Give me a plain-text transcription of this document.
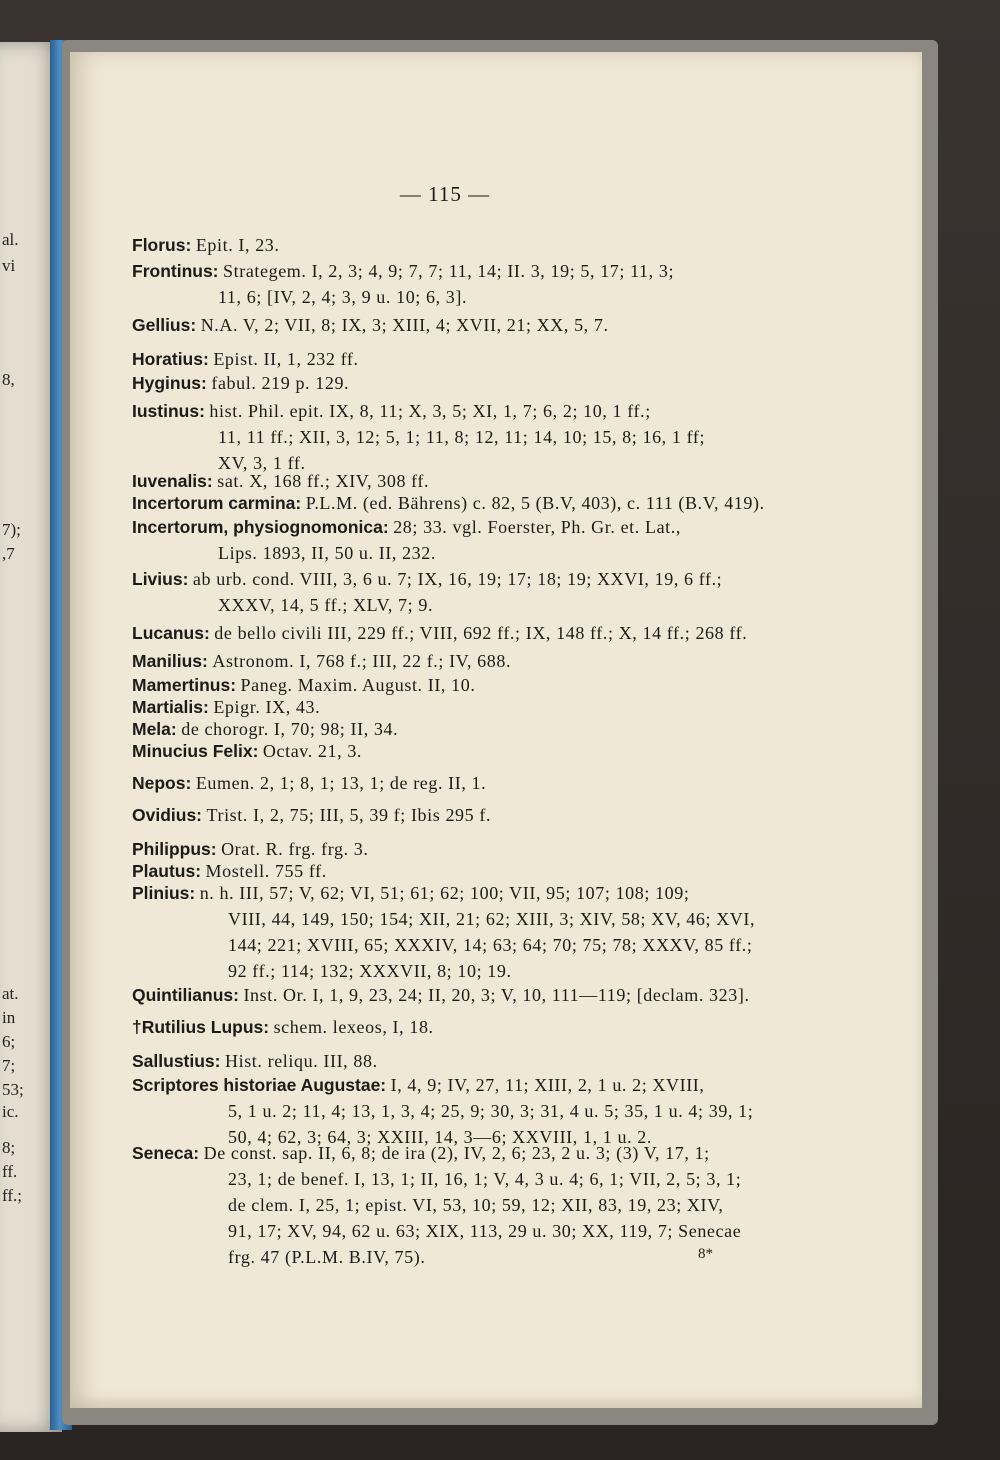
al.
vi
8,
7);
,7
at.
in
6;
7;
53;
ic.
8;
ff.
ff.;
— 115 —
Florus: Epit. I, 23.
Frontinus: Strategem. I, 2, 3; 4, 9; 7, 7; 11, 14; II. 3, 19; 5, 17; 11, 3;
11, 6; [IV, 2, 4; 3, 9 u. 10; 6, 3].
Gellius: N.A. V, 2; VII, 8; IX, 3; XIII, 4; XVII, 21; XX, 5, 7.
Horatius: Epist. II, 1, 232 ff.
Hyginus: fabul. 219 p. 129.
Iustinus: hist. Phil. epit. IX, 8, 11; X, 3, 5; XI, 1, 7; 6, 2; 10, 1 ff.;
11, 11 ff.; XII, 3, 12; 5, 1; 11, 8; 12, 11; 14, 10; 15, 8; 16, 1 ff;
XV, 3, 1 ff.
Iuvenalis: sat. X, 168 ff.; XIV, 308 ff.
Incertorum carmina: P.L.M. (ed. Bährens) c. 82, 5 (B.V, 403), c. 111 (B.V, 419).
Incertorum, physiognomonica: 28; 33. vgl. Foerster, Ph. Gr. et. Lat.,
Lips. 1893, II, 50 u. II, 232.
Livius: ab urb. cond. VIII, 3, 6 u. 7; IX, 16, 19; 17; 18; 19; XXVI, 19, 6 ff.;
XXXV, 14, 5 ff.; XLV, 7; 9.
Lucanus: de bello civili III, 229 ff.; VIII, 692 ff.; IX, 148 ff.; X, 14 ff.; 268 ff.
Manilius: Astronom. I, 768 f.; III, 22 f.; IV, 688.
Mamertinus: Paneg. Maxim. August. II, 10.
Martialis: Epigr. IX, 43.
Mela: de chorogr. I, 70; 98; II, 34.
Minucius Felix: Octav. 21, 3.
Nepos: Eumen. 2, 1; 8, 1; 13, 1; de reg. II, 1.
Ovidius: Trist. I, 2, 75; III, 5, 39 f; Ibis 295 f.
Philippus: Orat. R. frg. frg. 3.
Plautus: Mostell. 755 ff.
Plinius: n. h. III, 57; V, 62; VI, 51; 61; 62; 100; VII, 95; 107; 108; 109;
VIII, 44, 149, 150; 154; XII, 21; 62; XIII, 3; XIV, 58; XV, 46; XVI,
144; 221; XVIII, 65; XXXIV, 14; 63; 64; 70; 75; 78; XXXV, 85 ff.;
92 ff.; 114; 132; XXXVII, 8; 10; 19.
Quintilianus: Inst. Or. I, 1, 9, 23, 24; II, 20, 3; V, 10, 111—119; [declam. 323].
†Rutilius Lupus: schem. lexeos, I, 18.
Sallustius: Hist. reliqu. III, 88.
Scriptores historiae Augustae: I, 4, 9; IV, 27, 11; XIII, 2, 1 u. 2; XVIII,
5, 1 u. 2; 11, 4; 13, 1, 3, 4; 25, 9; 30, 3; 31, 4 u. 5; 35, 1 u. 4; 39, 1;
50, 4; 62, 3; 64, 3; XXIII, 14, 3—6; XXVIII, 1, 1 u. 2.
Seneca: De const. sap. II, 6, 8; de ira (2), IV, 2, 6; 23, 2 u. 3; (3) V, 17, 1;
23, 1; de benef. I, 13, 1; II, 16, 1; V, 4, 3 u. 4; 6, 1; VII, 2, 5; 3, 1;
de clem. I, 25, 1; epist. VI, 53, 10; 59, 12; XII, 83, 19, 23; XIV,
91, 17; XV, 94, 62 u. 63; XIX, 113, 29 u. 30; XX, 119, 7; Senecae
frg. 47 (P.L.M. B.IV, 75).	8*
